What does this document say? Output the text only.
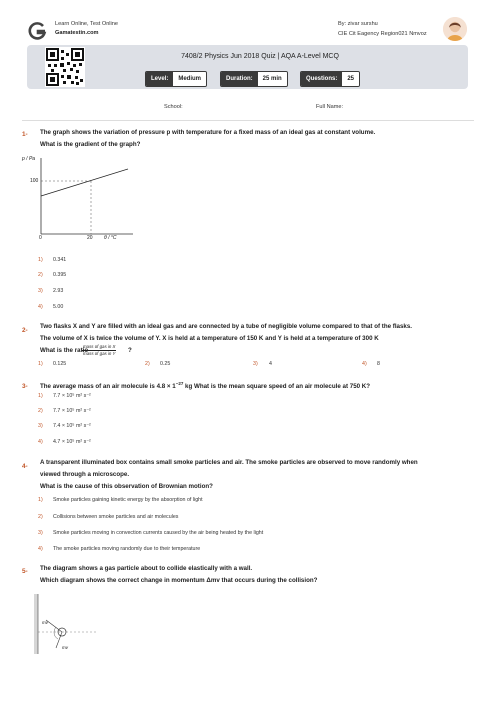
Learn Online, Test Online
Gamatestin.com
By: zivar surshu
CIE Cit Eagency Region021 Nmvoz
7408/2 Physics Jun 2018 Quiz | AQA A-Level MCQ
Level:	Medium	Duration:	25 min	Questions:	25
School:	Full Name:
1- The graph shows the variation of pressure p with temperature for a fixed mass of an ideal gas at constant volume.
What is the gradient of the graph?
p / Pa
100
0	20 θ / °C
1) 0.341
2) 0.395
3) 2.93
4) 5.00
2-
Two flasks X and Y are filled with an ideal gas and are connected by a tube of negligible volume compared to that of the flasks.
The volume of X is twice the volume of Y. X is held at a temperature of 150 K and Y is held at a temperature of 300 K
What is the ratio
mass of gas in X
mass of gas in Y ?
1) 0.125	2) 0.25	3) 4	4) 8
3- The average mass of an air molecule is $4.8 \times 1^{-27}$ kg What is the mean square speed of an air molecule at 750 K?
1) 7.7 × 10⁵ m² s⁻²
2) 7.7 × 10⁵ m² s⁻²
3) 7.4 × 10⁵ m² s⁻²
4) 4.7 × 10⁵ m² s⁻²
4-
A transparent illuminated box contains small smoke particles and air. The smoke particles are observed to move randomly when
viewed through a microscope.
What is the cause of this observation of Brownian motion?
1) Smoke particles gaining kinetic energy by the absorption of light
2) Collisions between smoke particles and air molecules
3) Smoke particles moving in convection currents caused by the air being heated by the light
4) The smoke particles moving randomly due to their temperature
5- The diagram shows a gas particle about to collide elastically with a wall.
Which diagram shows the correct change in momentum Δmv that occurs during the collision?
mv
mv
